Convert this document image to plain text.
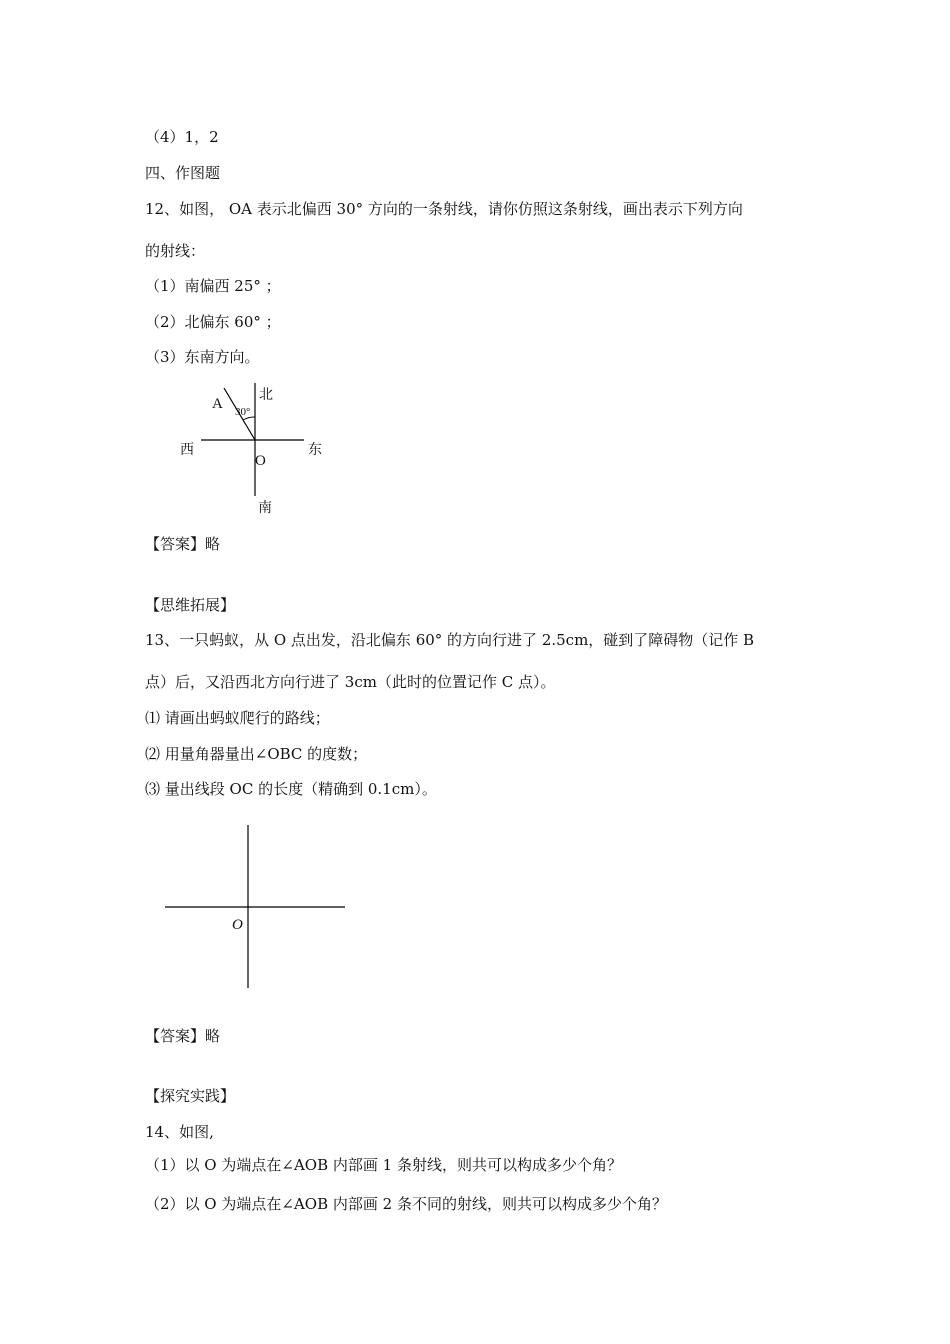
（4）1，2
四、作图题
12、如图， OA 表示北偏西 30° 方向的一条射线，请你仿照这条射线，画出表示下列方向
的射线：
（1）南偏西 25° ；
（2）北偏东 60° ；
（3）东南方向。
北
A 30°
西	东
O
南
【答案】略
【思维拓展】
13、一只蚂蚁，从 O 点出发，沿北偏东 60° 的方向行进了 2.5cm，碰到了障碍物（记作 B
点）后，又沿西北方向行进了 3cm（此时的位置记作 C 点）。
⑴ 请画出蚂蚁爬行的路线；
⑵ 用量角器量出∠OBC 的度数；
⑶ 量出线段 OC 的长度（精确到 0.1cm）。
O
【答案】略
【探究实践】
14、如图,
（1）以 O 为端点在∠AOB 内部画 1 条射线，则共可以构成多少个角？
（2）以 O 为端点在∠AOB 内部画 2 条不同的射线，则共可以构成多少个角？
